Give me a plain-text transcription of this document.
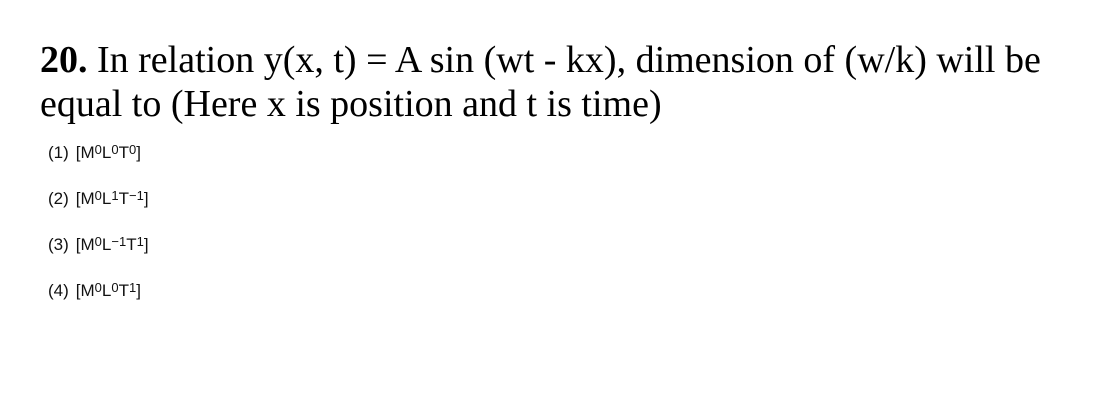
20. In relation y(x, t) = A sin (wt - kx), dimension of (w/k) will be equal to (Here x is position and t is time)
(1) $[M^0L^0T^0]$
(2) $[M^0L^1T^{-1}]$
(3) $[M^0L^{-1}T^1]$
(4) $[M^0L^0T^1]$
